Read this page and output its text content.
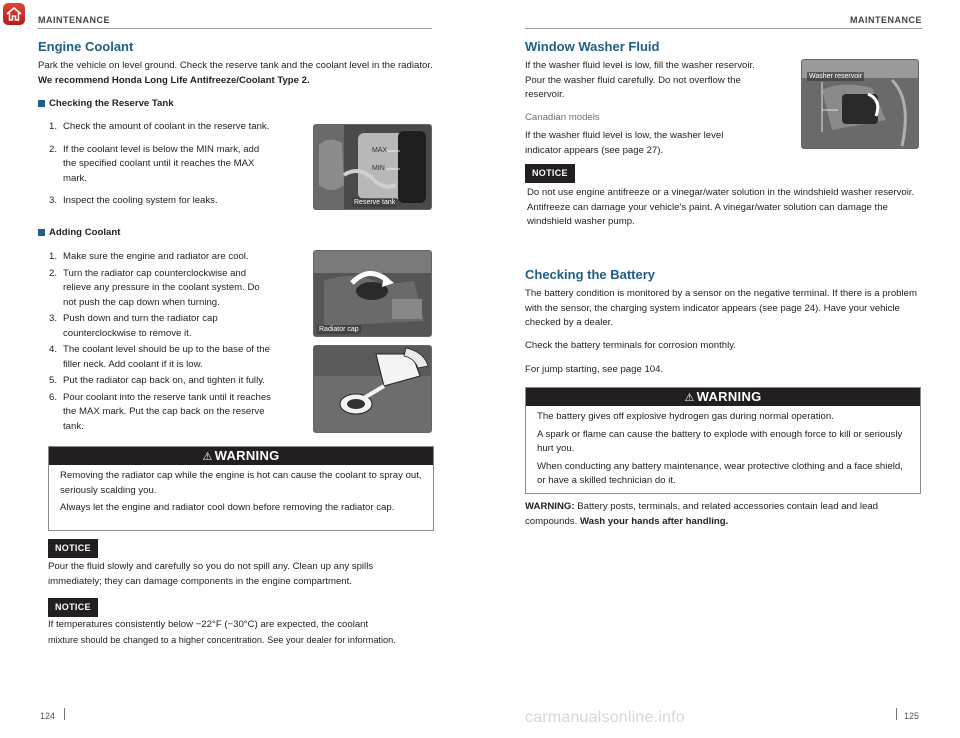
MAINTENANCE	MAINTENANCE
Engine Coolant

Park the vehicle on level ground. Check the reserve tank and the coolant level in the radiator. We recommend Honda Long Life Antifreeze/Coolant Type 2.

Checking the Reserve Tank
1. Check the amount of coolant in the reserve tank.
2. If the coolant level is below the MIN mark, add
the specified coolant until it reaches the MAX
mark.
3. Inspect the cooling system for leaks.
MAX
MIN
Reserve tank
Adding Coolant
1. Make sure the engine and radiator are cool.
2. Turn the radiator cap counterclockwise and
relieve any pressure in the coolant system. Do
not push the cap down when turning.
3. Push down and turn the radiator cap
counterclockwise to remove it.
4. The coolant level should be up to the base of the
filler neck. Add coolant if it is low.
5. Put the radiator cap back on, and tighten it fully.
6. Pour coolant into the reserve tank until it reaches
the MAX mark. Put the cap back on the reserve
tank.
Radiator cap
⚠ WARNING

Removing the radiator cap while the engine is hot can cause the coolant to spray out, seriously scalding you.

Always let the engine and radiator cool down before removing the radiator cap.

NOTICE

Pour the fluid slowly and carefully so you do not spill any. Clean up any spills immediately; they can damage components in the engine compartment.

NOTICE

If temperatures consistently below −22°F (−30°C) are expected, the coolant
mixture should be changed to a higher concentration. See your dealer for information.

124
Window Washer Fluid

If the washer fluid level is low, fill the washer reservoir.
Pour the washer fluid carefully. Do not overflow the
reservoir.

Canadian models

If the washer fluid level is low, the washer level
indicator appears (see page 27).

Washer reservoir
NOTICE

Do not use engine antifreeze or a vinegar/water solution in the windshield washer reservoir. Antifreeze can damage your vehicle’s paint. A vinegar/water solution can damage the windshield washer pump.

Checking the Battery

The battery condition is monitored by a sensor on the negative terminal. If there is a problem with the sensor, the charging system indicator appears (see page 24). Have your vehicle checked by a dealer.

Check the battery terminals for corrosion monthly.

For jump starting, see page 104.

⚠ WARNING

The battery gives off explosive hydrogen gas during normal operation.

A spark or flame can cause the battery to explode with enough force to kill or seriously hurt you.

When conducting any battery maintenance, wear protective clothing and a face shield, or have a skilled technician do it.

WARNING: Battery posts, terminals, and related accessories contain lead and lead compounds. Wash your hands after handling.

125
carmanualsonline.info
